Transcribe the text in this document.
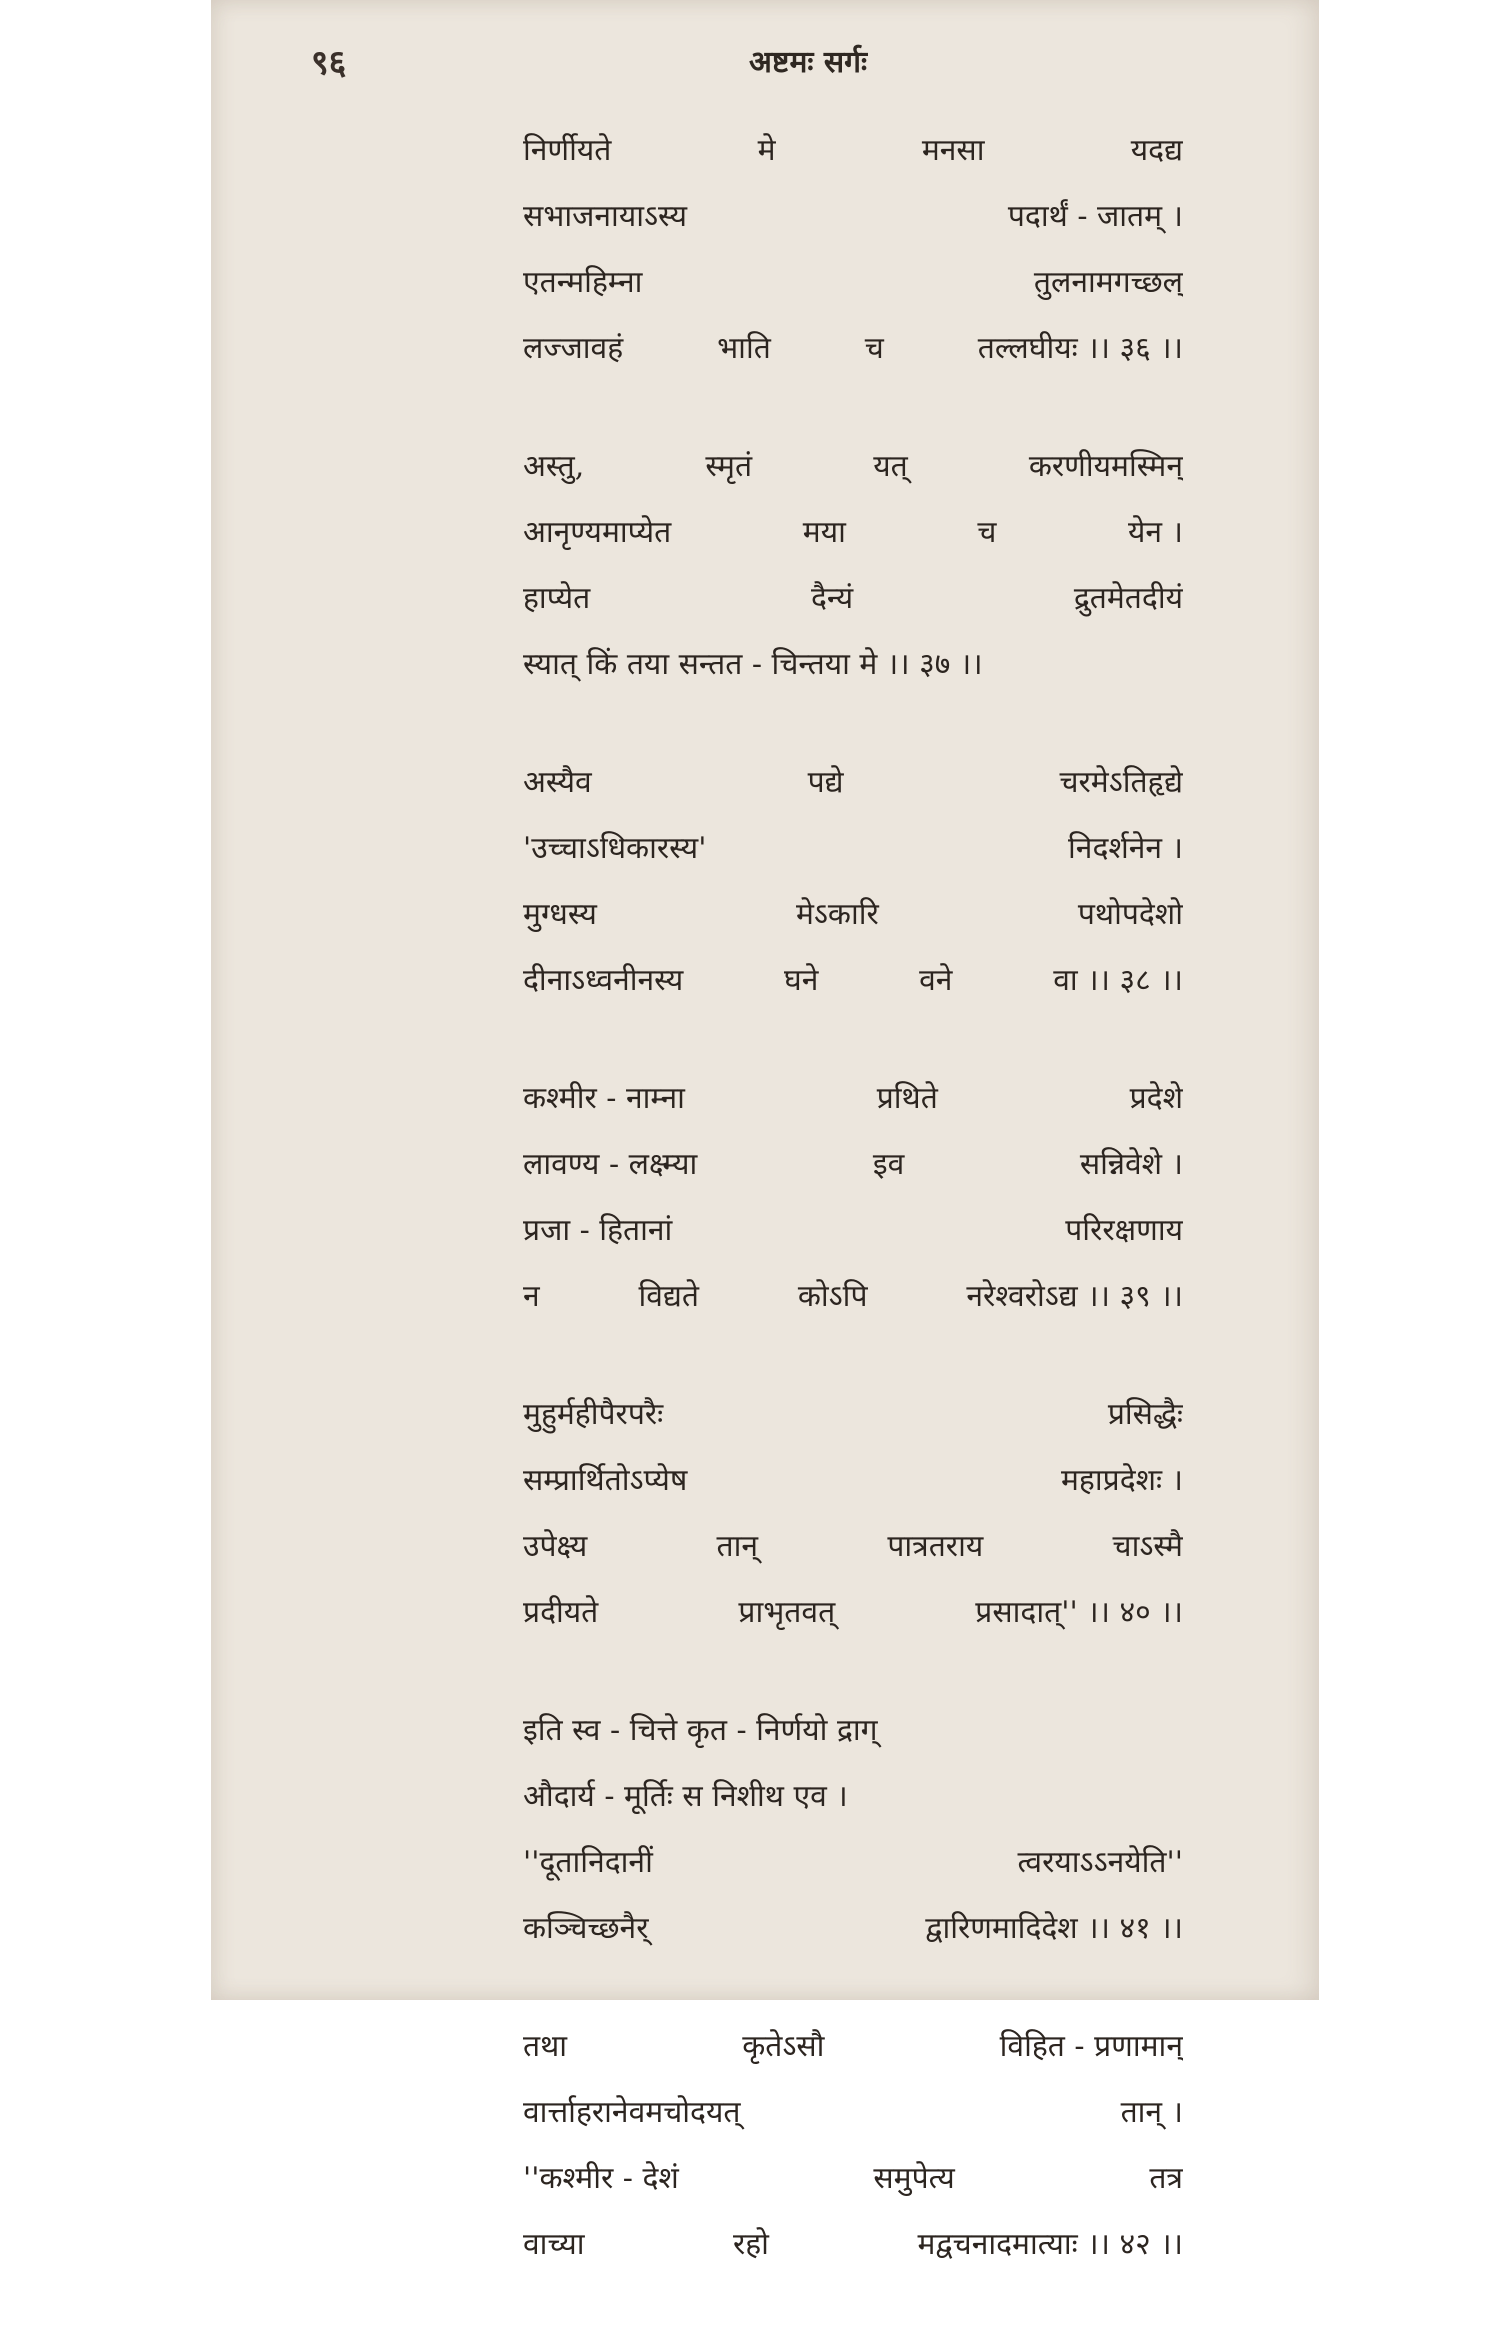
९६	अष्टमः सर्गः
निर्णीयते	मे	मनसा	यदद्य
सभाजनायाऽस्य	पदार्थं - जातम् ।
एतन्महिम्ना	तुलनामगच्छल्
लज्जावहं	भाति	च	तल्लघीयः ।। ३६ ।।
अस्तु,	स्मृतं	यत्	करणीयमस्मिन्
आनृण्यमाप्येत	मया	च	येन ।
हाप्येत	दैन्यं	द्रुतमेतदीयं
स्यात् किं तया सन्तत - चिन्तया मे ।। ३७ ।।
अस्यैव	पद्ये	चरमेऽतिहृद्ये
'उच्चाऽधिकारस्य'	निदर्शनेन ।
मुग्धस्य	मेऽकारि	पथोपदेशो
दीनाऽध्वनीनस्य	घने	वने	वा ।। ३८ ।।
कश्मीर - नाम्ना	प्रथिते	प्रदेशे
लावण्य - लक्ष्म्या	इव	सन्निवेशे ।
प्रजा - हितानां	परिरक्षणाय
न	विद्यते	कोऽपि	नरेश्वरोऽद्य ।। ३९ ।।
मुहुर्महीपैरपरैः	प्रसिद्धैः
सम्प्रार्थितोऽप्येष	महाप्रदेशः ।
उपेक्ष्य	तान्	पात्रतराय	चाऽस्मै
प्रदीयते	प्राभृतवत्	प्रसादात्'' ।। ४० ।।
इति स्व - चित्ते कृत - निर्णयो द्राग्
औदार्य - मूर्तिः स निशीथ एव ।
''दूतानिदानीं	त्वरयाऽऽनयेति''
कञ्चिच्छनैर्	द्वारिणमादिदेश ।। ४१ ।।
तथा	कृतेऽसौ	विहित - प्रणामान्
वार्त्ताहरानेवमचोदयत्	तान् ।
''कश्मीर - देशं	समुपेत्य	तत्र
वाच्या	रहो	मद्वचनादमात्याः ।। ४२ ।।
